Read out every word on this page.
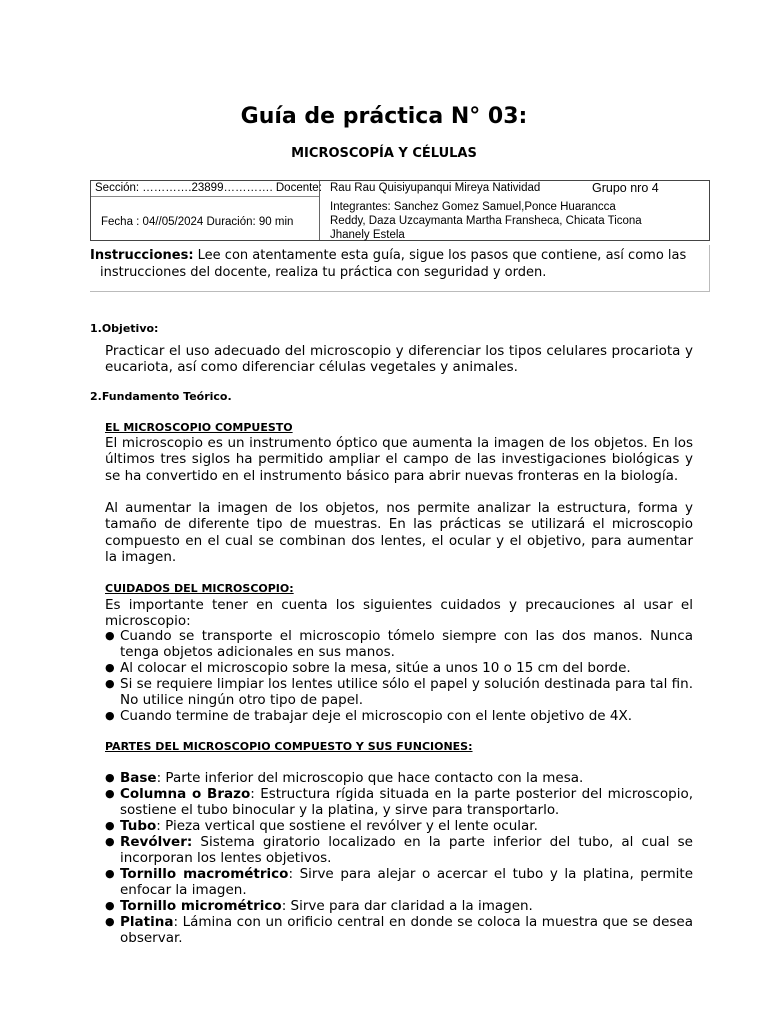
Guía de práctica N° 03:
MICROSCOPÍA Y CÉLULAS
Sección: ………….23899…………. Docente: Rau Rau Quisiyupanqui Mireya Natividad	Grupo nro 4
Integrantes: Sanchez Gomez Samuel,Ponce Huarancca
Reddy, Daza Uzcaymanta Martha Fransheca, Chicata Ticona
Jhanely Estela
Fecha : 04//05/2024 Duración: 90 min
Instrucciones: Lee con atentamente esta guía, sigue los pasos que contiene, así como las
instrucciones del docente, realiza tu práctica con seguridad y orden.
1.Objetivo:
Practicar el uso adecuado del microscopio y diferenciar los tipos celulares procariota y eucariota, así como diferenciar células vegetales y animales.
2.Fundamento Teórico.
EL MICROSCOPIO COMPUESTO
El microscopio es un instrumento óptico que aumenta la imagen de los objetos. En los últimos tres siglos ha permitido ampliar el campo de las investigaciones biológicas y se ha convertido en el instrumento básico para abrir nuevas fronteras en la biología.
Al aumentar la imagen de los objetos, nos permite analizar la estructura, forma y tamaño de diferente tipo de muestras. En las prácticas se utilizará el microscopio compuesto en el cual se combinan dos lentes, el ocular y el objetivo, para aumentar la imagen.
CUIDADOS DEL MICROSCOPIO:
Es importante tener en cuenta los siguientes cuidados y precauciones al usar el microscopio:
● Cuando se transporte el microscopio tómelo siempre con las dos manos. Nunca tenga objetos adicionales en sus manos.
● Al colocar el microscopio sobre la mesa, sitúe a unos 10 o 15 cm del borde.
● Si se requiere limpiar los lentes utilice sólo el papel y solución destinada para tal fin. No utilice ningún otro tipo de papel.
● Cuando termine de trabajar deje el microscopio con el lente objetivo de 4X.
PARTES DEL MICROSCOPIO COMPUESTO Y SUS FUNCIONES:
● Base: Parte inferior del microscopio que hace contacto con la mesa.
● Columna o Brazo: Estructura rígida situada en la parte posterior del microscopio, sostiene el tubo binocular y la platina, y sirve para transportarlo.
● Tubo: Pieza vertical que sostiene el revólver y el lente ocular.
● Revólver: Sistema giratorio localizado en la parte inferior del tubo, al cual se incorporan los lentes objetivos.
● Tornillo macrométrico: Sirve para alejar o acercar el tubo y la platina, permite enfocar la imagen.
● Tornillo micrométrico: Sirve para dar claridad a la imagen.
● Platina: Lámina con un orificio central en donde se coloca la muestra que se desea observar.
